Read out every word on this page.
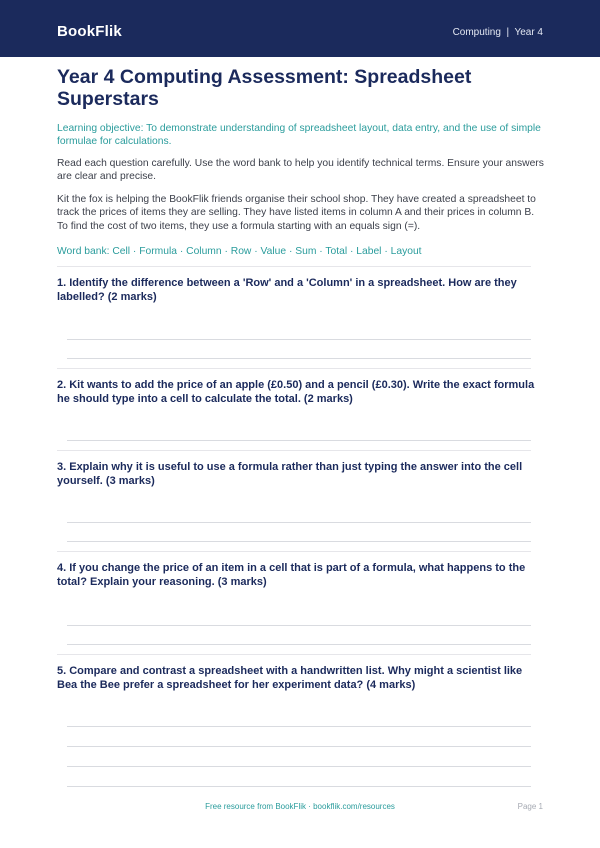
BookFlik	Computing  |  Year 4
Year 4 Computing Assessment: Spreadsheet Superstars

Learning objective: To demonstrate understanding of spreadsheet layout, data entry, and the use of simple formulae for calculations.

Read each question carefully. Use the word bank to help you identify technical terms. Ensure your answers are clear and precise.

Kit the fox is helping the BookFlik friends organise their school shop. They have created a spreadsheet to track the prices of items they are selling. They have listed items in column A and their prices in column B. To find the cost of two items, they use a formula starting with an equals sign (=).

Word bank: Cell · Formula · Column · Row · Value · Sum · Total · Label · Layout

1. Identify the difference between a 'Row' and a 'Column' in a spreadsheet. How are they labelled? (2 marks)

2. Kit wants to add the price of an apple (£0.50) and a pencil (£0.30). Write the exact formula he should type into a cell to calculate the total. (2 marks)

3. Explain why it is useful to use a formula rather than just typing the answer into the cell yourself. (3 marks)

4. If you change the price of an item in a cell that is part of a formula, what happens to the total? Explain your reasoning. (3 marks)

5. Compare and contrast a spreadsheet with a handwritten list. Why might a scientist like Bea the Bee prefer a spreadsheet for her experiment data? (4 marks)

Free resource from BookFlik · bookflik.com/resources	Page 1
